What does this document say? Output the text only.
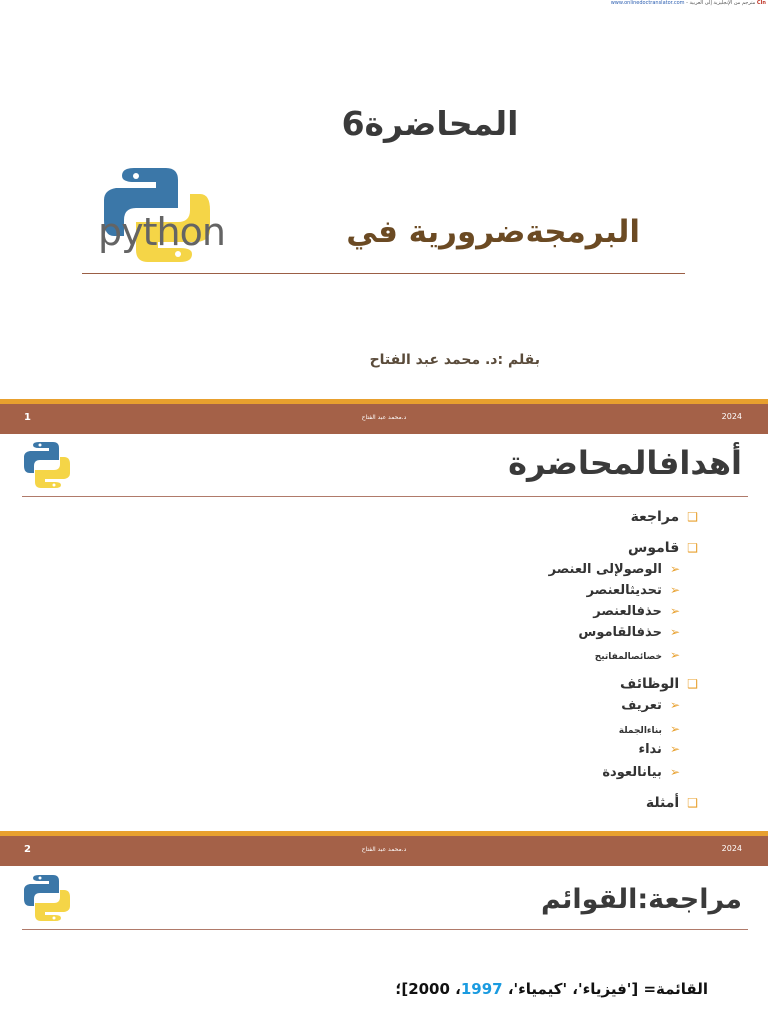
CIn مترجم من الإنجليزية إلى العربية - www.onlinedoctranslator.com
المحاضرة6
البرمجةضرورية في
python
بقلم :د. محمد عبد الفتاح
1	د.محمد عبد الفتاح	2024
أهدافالمحاضرة
❑مراجعة
❑قاموس
➢الوصولإلى العنصر
➢تحديثالعنصر
➢حذفالعنصر
➢حذفالقاموس
➢خصائصالمفاتيح
❑الوظائف
➢تعريف
➢بناءالجملة
➢نداء
➢بيانالعودة
❑أمثلة
2	د.محمد عبد الفتاح	2024
مراجعة:القوائم
القائمة= ['فيزياء'، 'كيمياء'، 1997، 2000]؛
